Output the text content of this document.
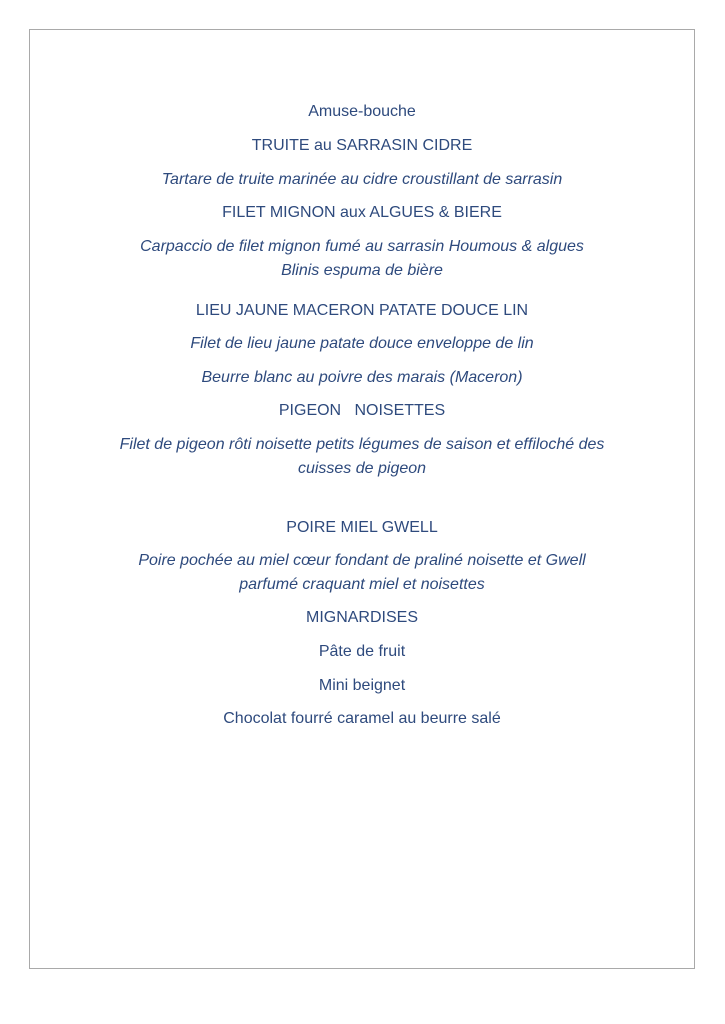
Amuse-bouche
TRUITE au SARRASIN CIDRE
Tartare de truite marinée au cidre croustillant de sarrasin
FILET MIGNON aux ALGUES & BIERE
Carpaccio de filet mignon fumé au sarrasin Houmous & algues
Blinis espuma de bière
LIEU JAUNE MACERON PATATE DOUCE LIN
Filet de lieu jaune patate douce enveloppe de lin
Beurre blanc au poivre des marais (Maceron)
PIGEON   NOISETTES
Filet de pigeon rôti noisette petits légumes de saison et effiloché des
cuisses de pigeon
POIRE MIEL GWELL
Poire pochée au miel cœur fondant de praliné noisette et Gwell
parfumé craquant miel et noisettes
MIGNARDISES
Pâte de fruit
Mini beignet
Chocolat fourré caramel au beurre salé
